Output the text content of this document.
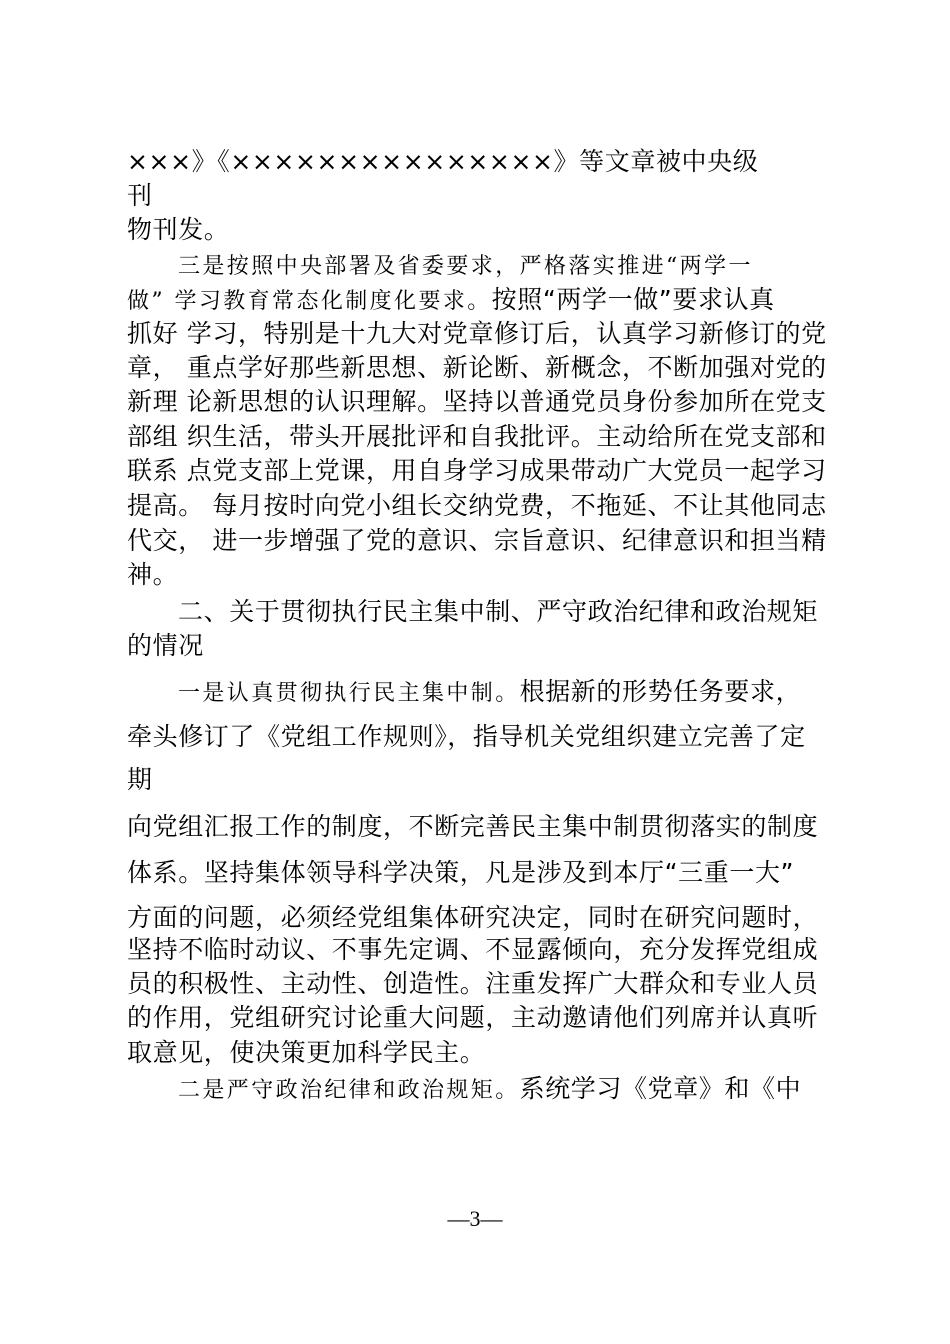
×××》《×××××××××××××××》等文章被中央级
刊
物刊发。
三是按照中央部署及省委要求，严格落实推进“两学一
做” 学习教育常态化制度化要求。按照“两学一做”要求认真
抓好 学习，特别是十九大对党章修订后，认真学习新修订的党
章， 重点学好那些新思想、新论断、新概念，不断加强对党的
新理 论新思想的认识理解。坚持以普通党员身份参加所在党支
部组 织生活，带头开展批评和自我批评。主动给所在党支部和
联系 点党支部上党课，用自身学习成果带动广大党员一起学习
提高。 每月按时向党小组长交纳党费，不拖延、不让其他同志
代交， 进一步增强了党的意识、宗旨意识、纪律意识和担当精
神。
二、关于贯彻执行民主集中制、严守政治纪律和政治规矩
的情况
一是认真贯彻执行民主集中制。根据新的形势任务要求，
牵头修订了《党组工作规则》，指导机关党组织建立完善了定
期
向党组汇报工作的制度，不断完善民主集中制贯彻落实的制度
体系。坚持集体领导科学决策，凡是涉及到本厅“三重一大”
方面的问题，必须经党组集体研究决定，同时在研究问题时，
坚持不临时动议、不事先定调、不显露倾向，充分发挥党组成
员的积极性、主动性、创造性。注重发挥广大群众和专业人员
的作用，党组研究讨论重大问题，主动邀请他们列席并认真听
取意见，使决策更加科学民主。
二是严守政治纪律和政治规矩。系统学习《党章》和《中
—3—
